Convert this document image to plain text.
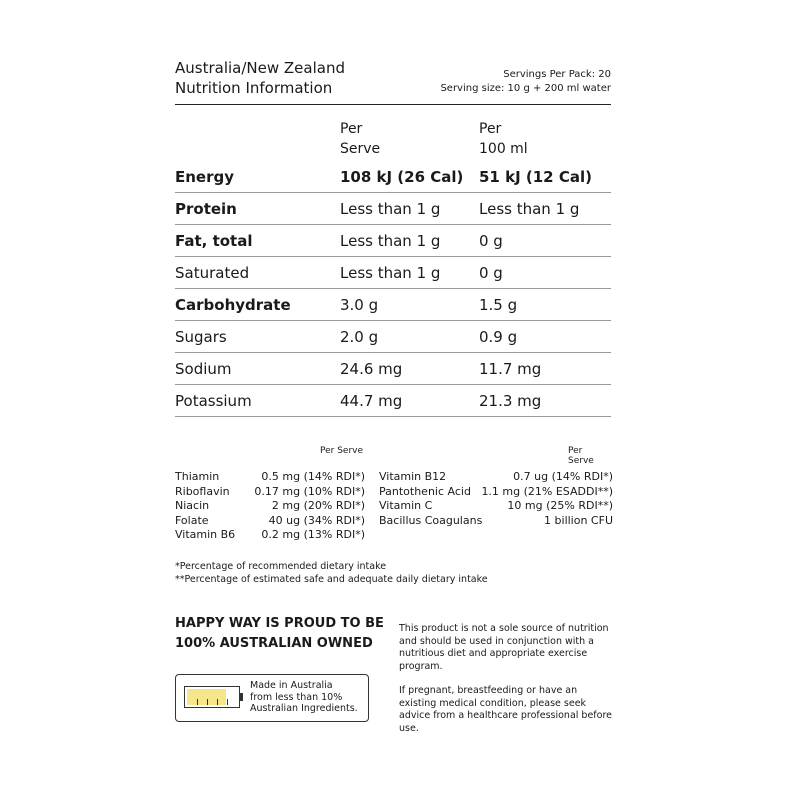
Australia/New Zealand
Nutrition Information
Servings Per Pack: 20
Serving size: 10 g + 200 ml water
Per
Serve
Per
100 ml
Energy	108 kJ (26 Cal) 51 kJ (12 Cal)
Protein	Less than 1 g	Less than 1 g
Fat, total	Less than 1 g	0 g
Saturated	Less than 1 g	0 g
Carbohydrate	3.0 g	1.5 g
Sugars	2.0 g	0.9 g
Sodium	24.6 mg	11.7 mg
Potassium	44.7 mg	21.3 mg
Per Serve	Per Serve
Thiamin	0.5 mg (14% RDI*)
Riboflavin 0.17 mg (10% RDI*)
Niacin	2 mg (20% RDI*)
Folate	40 ug (34% RDI*)
Vitamin B6 0.2 mg (13% RDI*)
Vitamin B12	0.7 ug (14% RDI*)
Pantothenic Acid 1.1 mg (21% ESADDI**)
Vitamin C	10 mg (25% RDI**)
Bacillus Coagulans	1 billion CFU
*Percentage of recommended dietary intake
**Percentage of estimated safe and adequate daily dietary intake
HAPPY WAY IS PROUD TO BE
100% AUSTRALIAN OWNED
Made in Australia
from less than 10%
Australian Ingredients.

This product is not a sole source of nutrition and should be used in conjunction with a nutritious diet and appropriate exercise program.

If pregnant, breastfeeding or have an existing medical condition, please seek advice from a healthcare professional before use.
